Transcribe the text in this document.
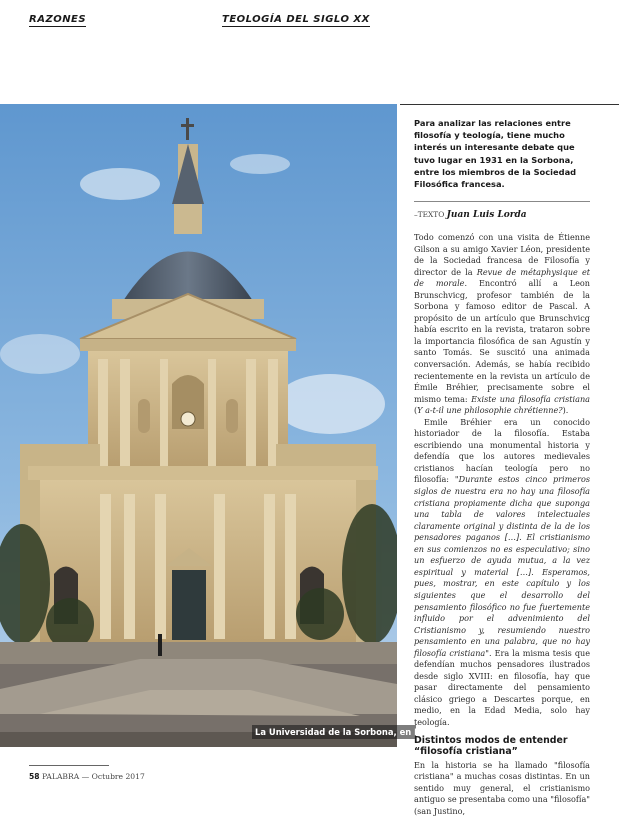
RAZONES	TEOLOGÍA DEL SIGLO XX
La Universidad de la Sorbona, en París.
Para analizar las relaciones entre filosofía y teología, tiene mucho interés un interesante debate que tuvo lugar en 1931 en la Sorbona, entre los miembros de la Sociedad Filosófica francesa.
–TEXTO Juan Luis Lorda

Todo comenzó con una visita de Étienne Gilson a su amigo Xavier Léon, presidente de la Sociedad francesa de Filosofía y director de la Revue de métaphysique et de morale. Encontró allí a Leon Brunschvicg, profesor también de la Sorbona y famoso editor de Pascal. A propósito de un artículo que Brunschvicg había escrito en la revista, trataron sobre la importancia filosófica de san Agustín y santo Tomás. Se suscitó una animada conversación. Además, se había recibido recientemente en la revista un artículo de Émile Bréhier, precisamente sobre el mismo tema: Existe una filosofía cristiana (Y a-t-il une philosophie chrétienne?).

Emile Bréhier era un conocido historiador de la filosofía. Estaba escribiendo una monumental historia y defendía que los autores medievales cristianos hacían teología pero no filosofía: "Durante estos cinco primeros siglos de nuestra era no hay una filosofía cristiana propiamente dicha que suponga una tabla de valores intelectuales claramente original y distinta de la de los pensadores paganos […]. El cristianismo en sus comienzos no es especulativo; sino un esfuerzo de ayuda mutua, a la vez espiritual y material […]. Esperamos, pues, mostrar, en este capítulo y los siguientes que el desarrollo del pensamiento filosófico no fue fuertemente influido por el advenimiento del Cristianismo y, resumiendo nuestro pensamiento en una palabra, que no hay filosofía cristiana". Era la misma tesis que defendían muchos pensadores ilustrados desde siglo XVIII: en filosofía, hay que pasar directamente del pensamiento clásico griego a Descartes porque, en medio, en la Edad Media, solo hay teología.

Distintos modos de entender “filosofía cristiana”

En la historia se ha llamado "filosofía cristiana" a muchas cosas distintas. En un sentido muy general, el cristianismo antiguo se presentaba como una "filosofía" (san Justino,

58 PALABRA — Octubre 2017
